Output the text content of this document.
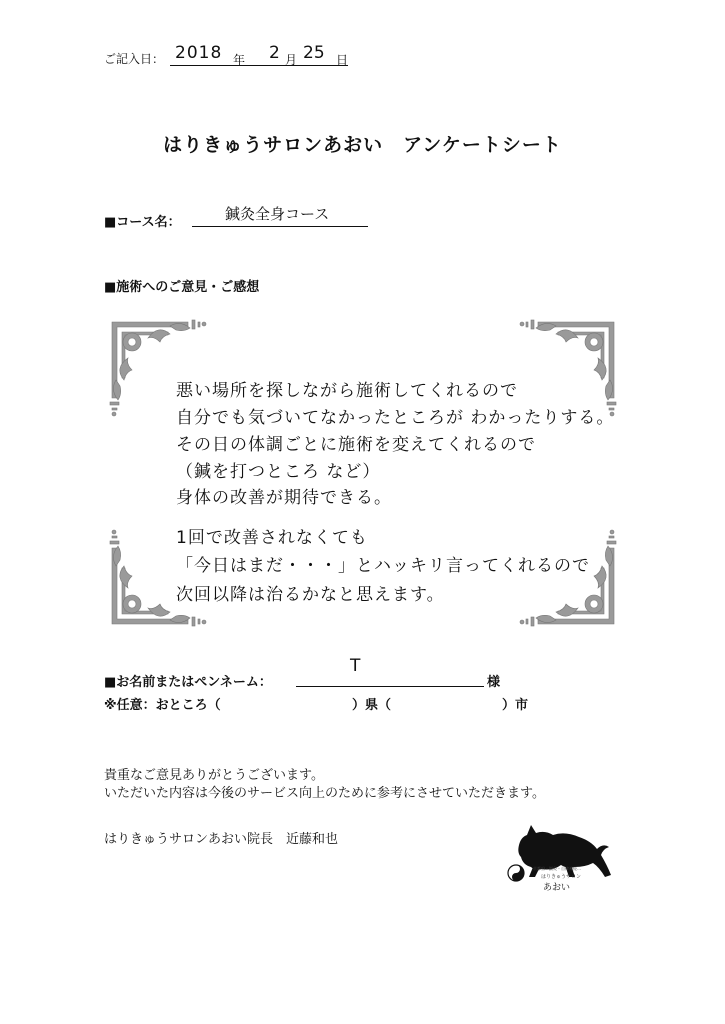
ご記入日： 2018 年 2 月 25 日
はりきゅうサロンあおい　アンケートシート
■コース名：	鍼灸全身コース
■施術へのご意見・ご感想
悪い場所を探しながら施術してくれるので
自分でも気づいてなかったところが わかったりする。
その日の体調ごとに施術を変えてくれるので
（鍼を打つところ など）
身体の改善が期待できる。
1回で改善されなくても
「今日はまだ・・・」とハッキリ言ってくれるので
次回以降は治るかなと思えます。
■お名前またはペンネーム：
T
様
※任意：おところ（	）県（	）市
貴重なご意見ありがとうございます。
いただいた内容は今後のサービス向上のために参考にさせていただきます。
はりきゅうサロンあおい院長　近藤和也
京都府・鍼灸・自律神経…
はりきゅうサロン
あおい
